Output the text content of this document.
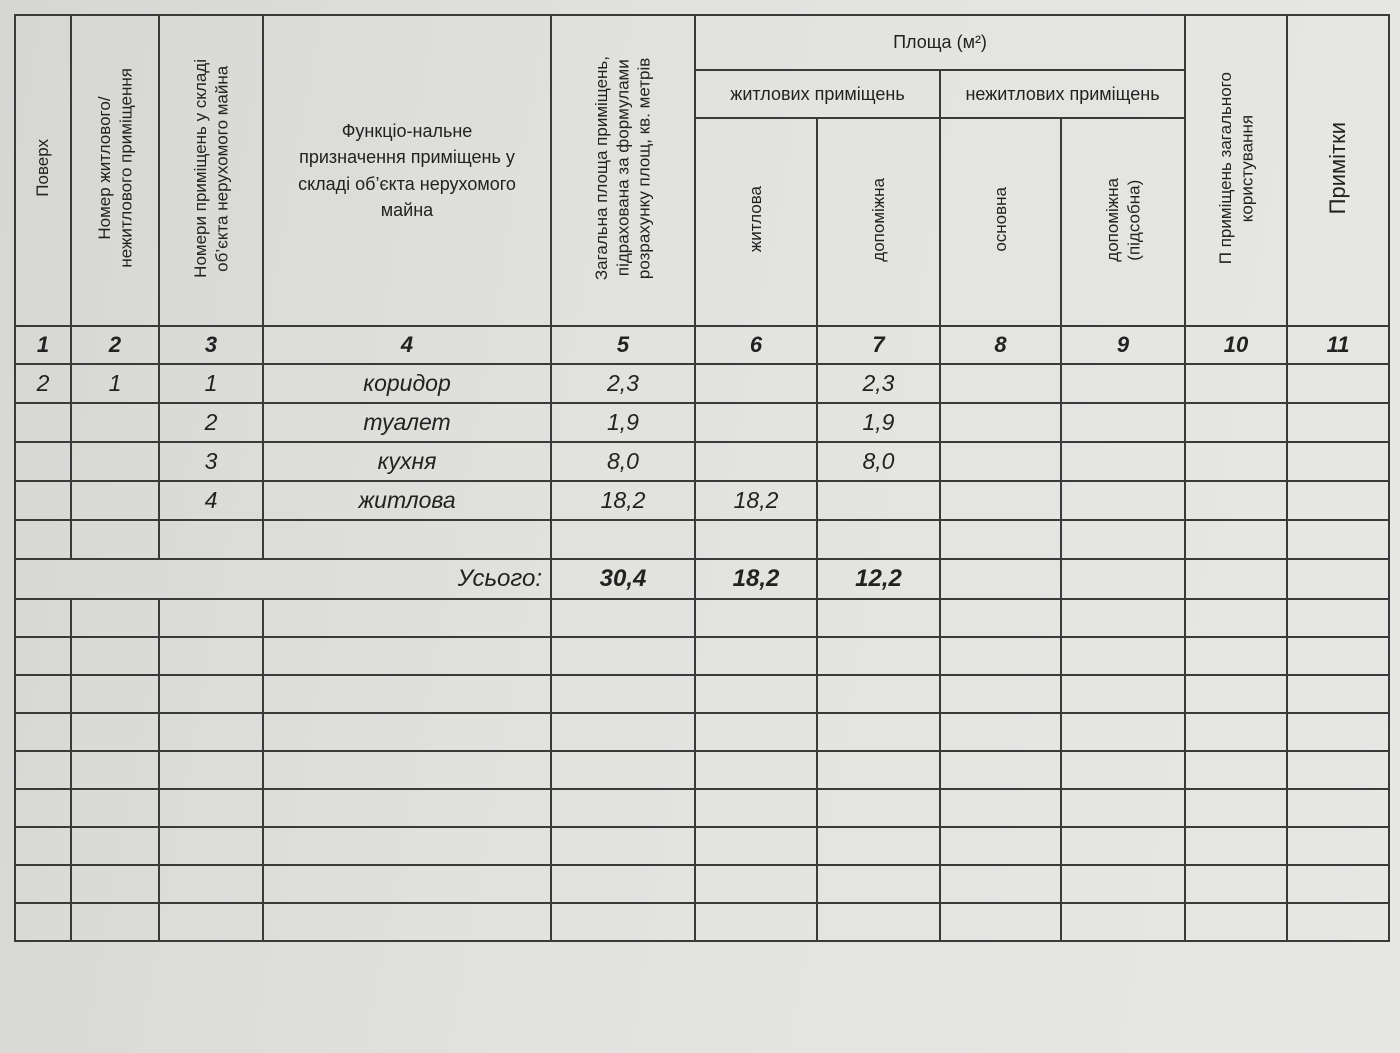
Поверх	Номер житлового/
нежитлового приміщення	Номери приміщень у складі
об’єкта нерухомого майна	Функціо-нальне
призначення приміщень у
складі об’єкта нерухомого
майна	Загальна площа приміщень,
підрахована за формулами
розрахунку площ, кв. метрів	Площа (м²)				П приміщень загального
користування	Примітки
					житлових приміщень		нежитлових приміщень			
					житлова	допоміжна	основна	допоміжна
(підсобна)		
1	2	3	4	5	6	7	8	9	10	11
2	1	1	коридор	2,3		2,3				
		2	туалет	1,9		1,9				
		3	кухня	8,0		8,0				
		4	житлова	18,2	18,2					

Усього:				30,4	18,2	12,2				
